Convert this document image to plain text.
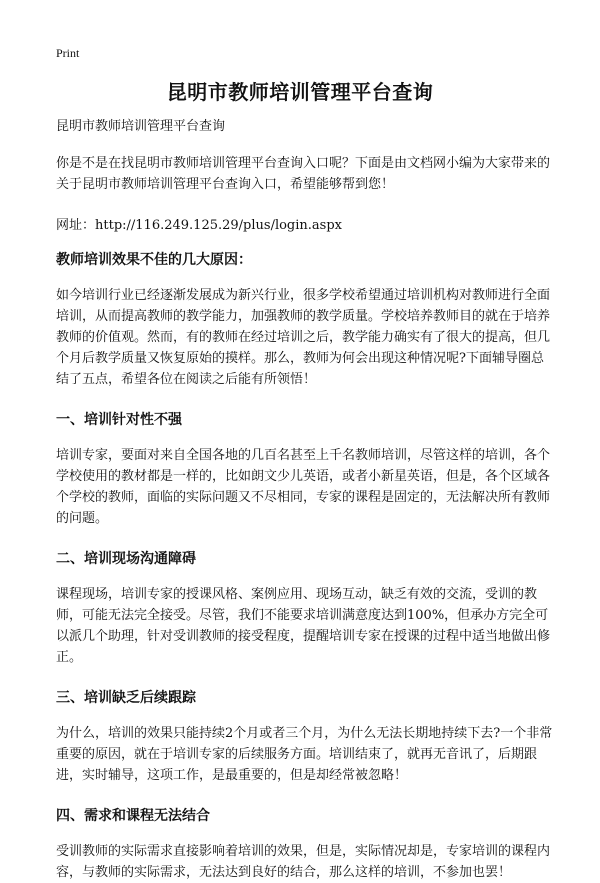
Print
昆明市教师培训管理平台查询

昆明市教师培训管理平台查询

你是不是在找昆明市教师培训管理平台查询入口呢？下面是由文档网小编为大家带来的关于昆明市教师培训管理平台查询入口，希望能够帮到您！

网址：http://116.249.125.29/plus/login.aspx

教师培训效果不佳的几大原因：

如今培训行业已经逐渐发展成为新兴行业，很多学校希望通过培训机构对教师进行全面培训，从而提高教师的教学能力，加强教师的教学质量。学校培养教师目的就在于培养教师的价值观。然而，有的教师在经过培训之后，教学能力确实有了很大的提高，但几个月后教学质量又恢复原始的摸样。那么，教师为何会出现这种情况呢?下面辅导圈总结了五点，希望各位在阅读之后能有所领悟！

一、培训针对性不强

培训专家，要面对来自全国各地的几百名甚至上千名教师培训，尽管这样的培训，各个学校使用的教材都是一样的，比如朗文少儿英语，或者小新星英语，但是，各个区域各个学校的教师，面临的实际问题又不尽相同，专家的课程是固定的，无法解决所有教师的问题。

二、培训现场沟通障碍

课程现场，培训专家的授课风格、案例应用、现场互动，缺乏有效的交流，受训的教师，可能无法完全接受。尽管，我们不能要求培训满意度达到100%，但承办方完全可以派几个助理，针对受训教师的接受程度，提醒培训专家在授课的过程中适当地做出修正。

三、培训缺乏后续跟踪

为什么，培训的效果只能持续2个月或者三个月，为什么无法长期地持续下去?一个非常重要的原因，就在于培训专家的后续服务方面。培训结束了，就再无音讯了，后期跟进，实时辅导，这项工作，是最重要的，但是却经常被忽略！

四、需求和课程无法结合

受训教师的实际需求直接影响着培训的效果，但是，实际情况却是，专家培训的课程内容，与教师的实际需求，无法达到良好的结合，那么这样的培训，不参加也罢！
